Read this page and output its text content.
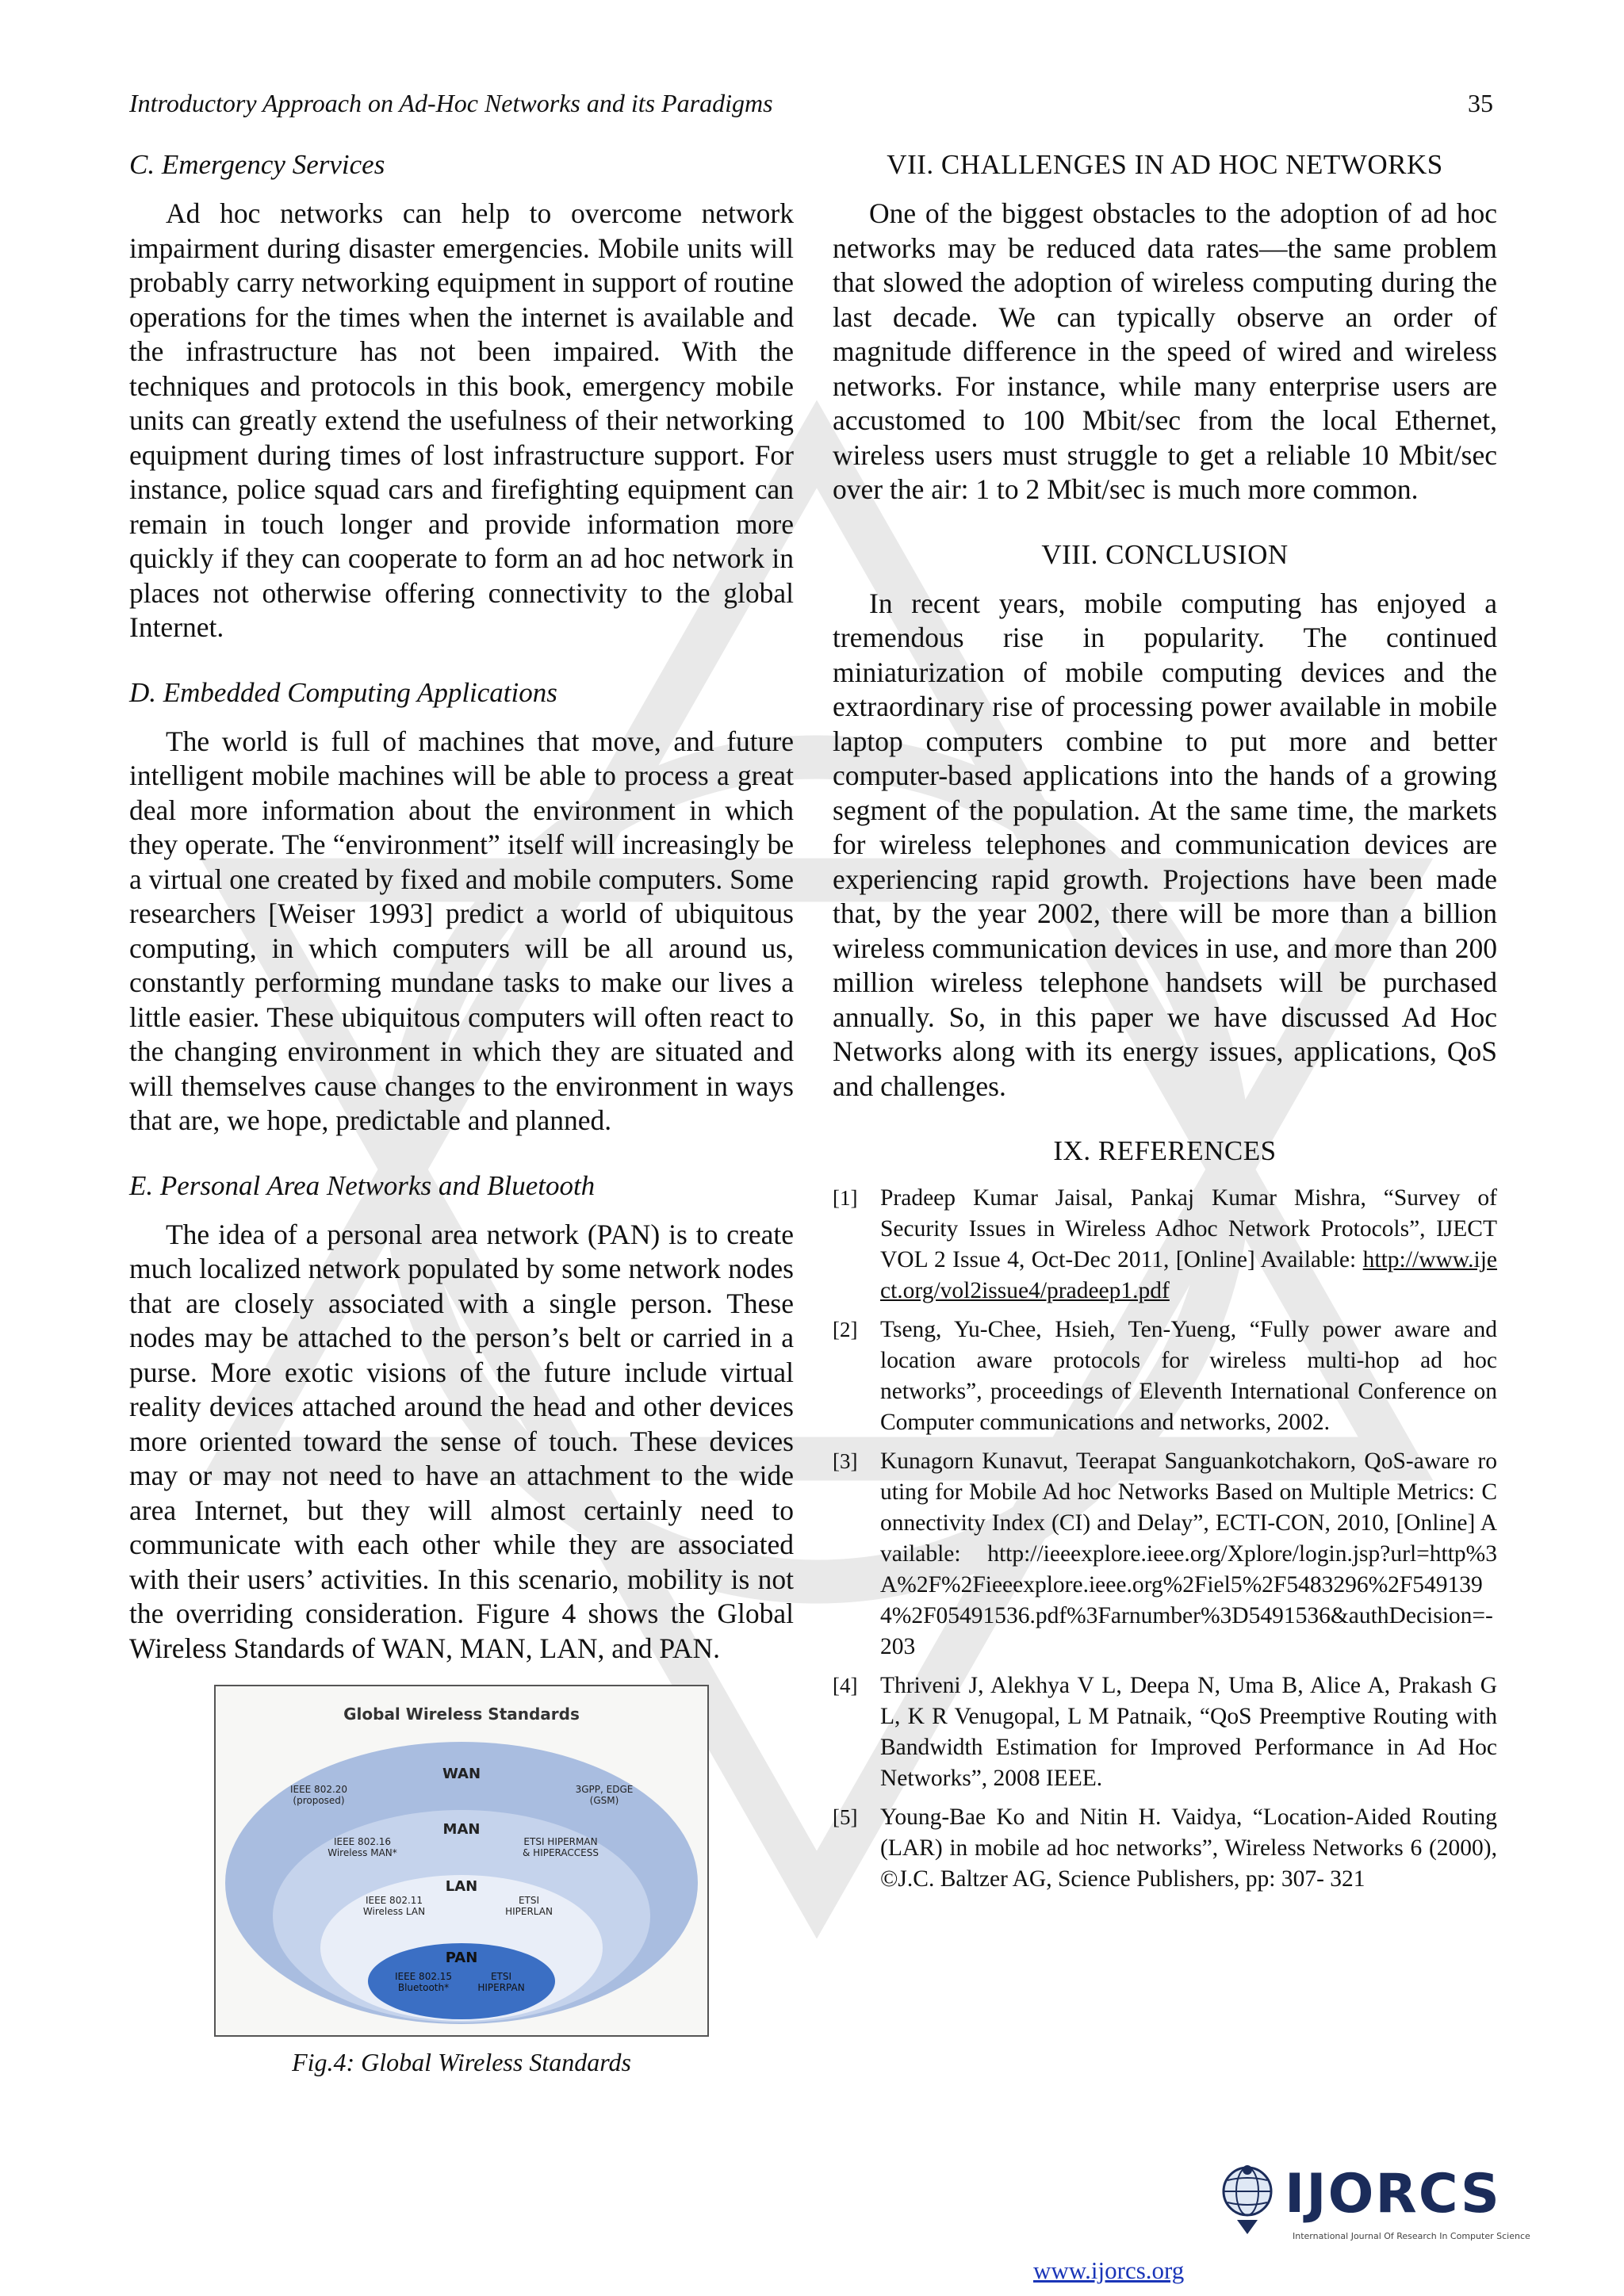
Introductory Approach on Ad-Hoc Networks and its Paradigms	35
C. Emergency Services

Ad hoc networks can help to overcome network impairment during disaster emergencies. Mobile units will probably carry networking equipment in support of routine operations for the times when the internet is available and the infrastructure has not been impaired. With the techniques and protocols in this book, emergency mobile units can greatly extend the usefulness of their networking equipment during times of lost infrastructure support. For instance, police squad cars and firefighting equipment can remain in touch longer and provide information more quickly if they can cooperate to form an ad hoc network in places not otherwise offering connectivity to the global Internet.

D. Embedded Computing Applications

The world is full of machines that move, and future intelligent mobile machines will be able to process a great deal more information about the environment in which they operate. The “environment” itself will increasingly be a virtual one created by fixed and mobile computers. Some researchers [Weiser 1993] predict a world of ubiquitous computing, in which computers will be all around us, constantly performing mundane tasks to make our lives a little easier. These ubiquitous computers will often react to the changing environment in which they are situated and will themselves cause changes to the environment in ways that are, we hope, predictable and planned.

E. Personal Area Networks and Bluetooth

The idea of a personal area network (PAN) is to create much localized network populated by some network nodes that are closely associated with a single person. These nodes may be attached to the person’s belt or carried in a purse. More exotic visions of the future include virtual reality devices attached around the head and other devices more oriented toward the sense of touch. These devices may or may not need to have an attachment to the wide area Internet, but they will almost certainly need to communicate with each other while they are associated with their users’ activities. In this scenario, mobility is not the overriding consideration. Figure 4 shows the Global Wireless Standards of WAN, MAN, LAN, and PAN.

Global Wireless Standards
WAN
IEEE 802.20
(proposed)
3GPP, EDGE
(GSM)
MAN
IEEE 802.16
Wireless MAN*
ETSI HIPERMAN
& HIPERACCESS
LAN
IEEE 802.11
Wireless LAN
ETSI
HIPERLAN
PAN
IEEE 802.15
Bluetooth*
ETSI
HIPERPAN
Fig.4: Global Wireless Standards
VII. CHALLENGES IN AD HOC NETWORKS

One of the biggest obstacles to the adoption of ad hoc networks may be reduced data rates—the same problem that slowed the adoption of wireless computing during the last decade. We can typically observe an order of magnitude difference in the speed of wired and wireless networks. For instance, while many enterprise users are accustomed to 100 Mbit/sec from the local Ethernet, wireless users must struggle to get a reliable 10 Mbit/sec over the air: 1 to 2 Mbit/sec is much more common.

VIII. CONCLUSION

In recent years, mobile computing has enjoyed a tremendous rise in popularity. The continued miniaturization of mobile computing devices and the extraordinary rise of processing power available in mobile laptop computers combine to put more and better computer-based applications into the hands of a growing segment of the population. At the same time, the markets for wireless telephones and communication devices are experiencing rapid growth. Projections have been made that, by the year 2002, there will be more than a billion wireless communication devices in use, and more than 200 million wireless telephone handsets will be purchased annually. So, in this paper we have discussed Ad Hoc Networks along with its energy issues, applications, QoS and challenges.

IX. REFERENCES
[1] Pradeep Kumar Jaisal, Pankaj Kumar Mishra, “Survey of Security Issues in Wireless Adhoc Network Protocols”, IJECT VOL 2 Issue 4, Oct-Dec 2011, [Online] Available: http://www.iject.org/vol2issue4/pradeep1.pdf
[2] Tseng, Yu-Chee, Hsieh, Ten-Yueng, “Fully power aware and location aware protocols for wireless multi-hop ad hoc networks”, proceedings of Eleventh International Conference on Computer communications and networks, 2002.
[3] Kunagorn Kunavut, Teerapat Sanguankotchakorn, QoS-aware routing for Mobile Ad hoc Networks Based on Multiple Metrics: Connectivity Index (CI) and Delay”, ECTI-CON, 2010, [Online] Available: http://ieeexplore.ieee.org/Xplore/login.jsp?url=http%3A%2F%2Fieeexplore.ieee.org%2Fiel5%2F5483296%2F5491394%2F05491536.pdf%3Farnumber%3D5491536&authDecision=-203
[4] Thriveni J, Alekhya V L, Deepa N, Uma B, Alice A, Prakash G L, K R Venugopal, L M Patnaik, “QoS Preemptive Routing with Bandwidth Estimation for Improved Performance in Ad Hoc Networks”, 2008 IEEE.
[5] Young-Bae Ko and Nitin H. Vaidya, “Location-Aided Routing (LAR) in mobile ad hoc networks”, Wireless Networks 6 (2000), ©J.C. Baltzer AG, Science Publishers, pp: 307- 321
www.ijorcs.org
IJORCS
International Journal Of Research In Computer Science
